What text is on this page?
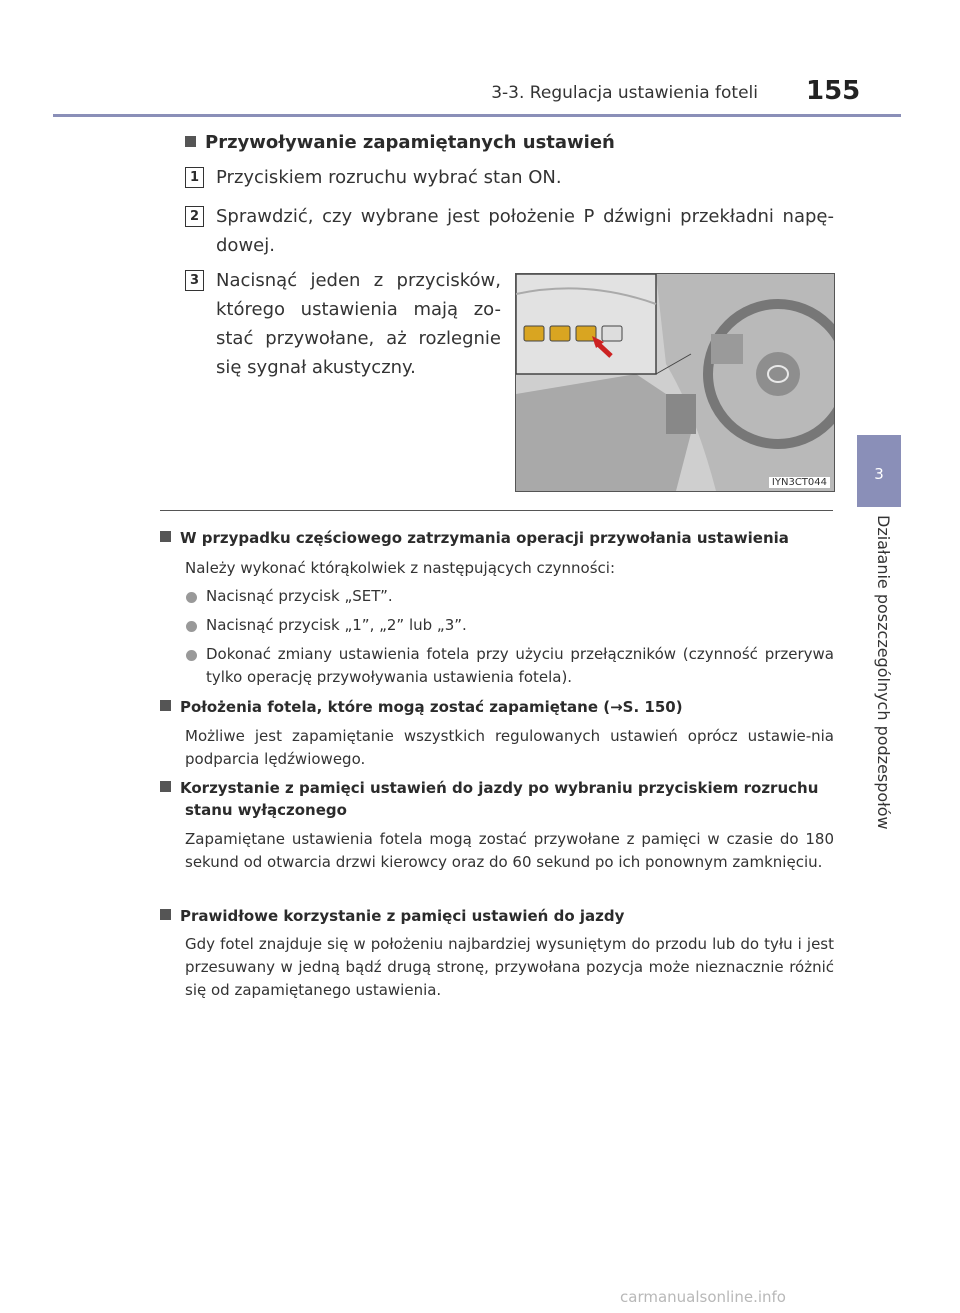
3-3. Regulacja ustawienia foteli 155
3
Działanie poszczególnych podzespołów
Przywoływanie zapamiętanych ustawień
1 Przyciskiem rozruchu wybrać stan ON.
2 Sprawdzić, czy wybrane jest położenie P dźwigni przekładni napę-dowej.
3 Nacisnąć jeden z przycisków, którego ustawienia mają zo-stać przywołane, aż rozlegnie się sygnał akustyczny.
IYN3CT044
W przypadku częściowego zatrzymania operacji przywołania ustawienia
Należy wykonać którąkolwiek z następujących czynności:
Nacisnąć przycisk „SET”.
Nacisnąć przycisk „1”, „2” lub „3”.
Dokonać zmiany ustawienia fotela przy użyciu przełączników (czynność przerywa tylko operację przywoływania ustawienia fotela).
Położenia fotela, które mogą zostać zapamiętane (→S. 150)
Możliwe jest zapamiętanie wszystkich regulowanych ustawień oprócz ustawie-nia podparcia lędźwiowego.
Korzystanie z pamięci ustawień do jazdy po wybraniu przyciskiem rozruchu stanu wyłączonego
Zapamiętane ustawienia fotela mogą zostać przywołane z pamięci w czasie do 180 sekund od otwarcia drzwi kierowcy oraz do 60 sekund po ich ponownym zamknięciu.
Prawidłowe korzystanie z pamięci ustawień do jazdy
Gdy fotel znajduje się w położeniu najbardziej wysuniętym do przodu lub do tyłu i jest przesuwany w jedną bądź drugą stronę, przywołana pozycja może nieznacznie różnić się od zapamiętanego ustawienia.
carmanualsonline.info
